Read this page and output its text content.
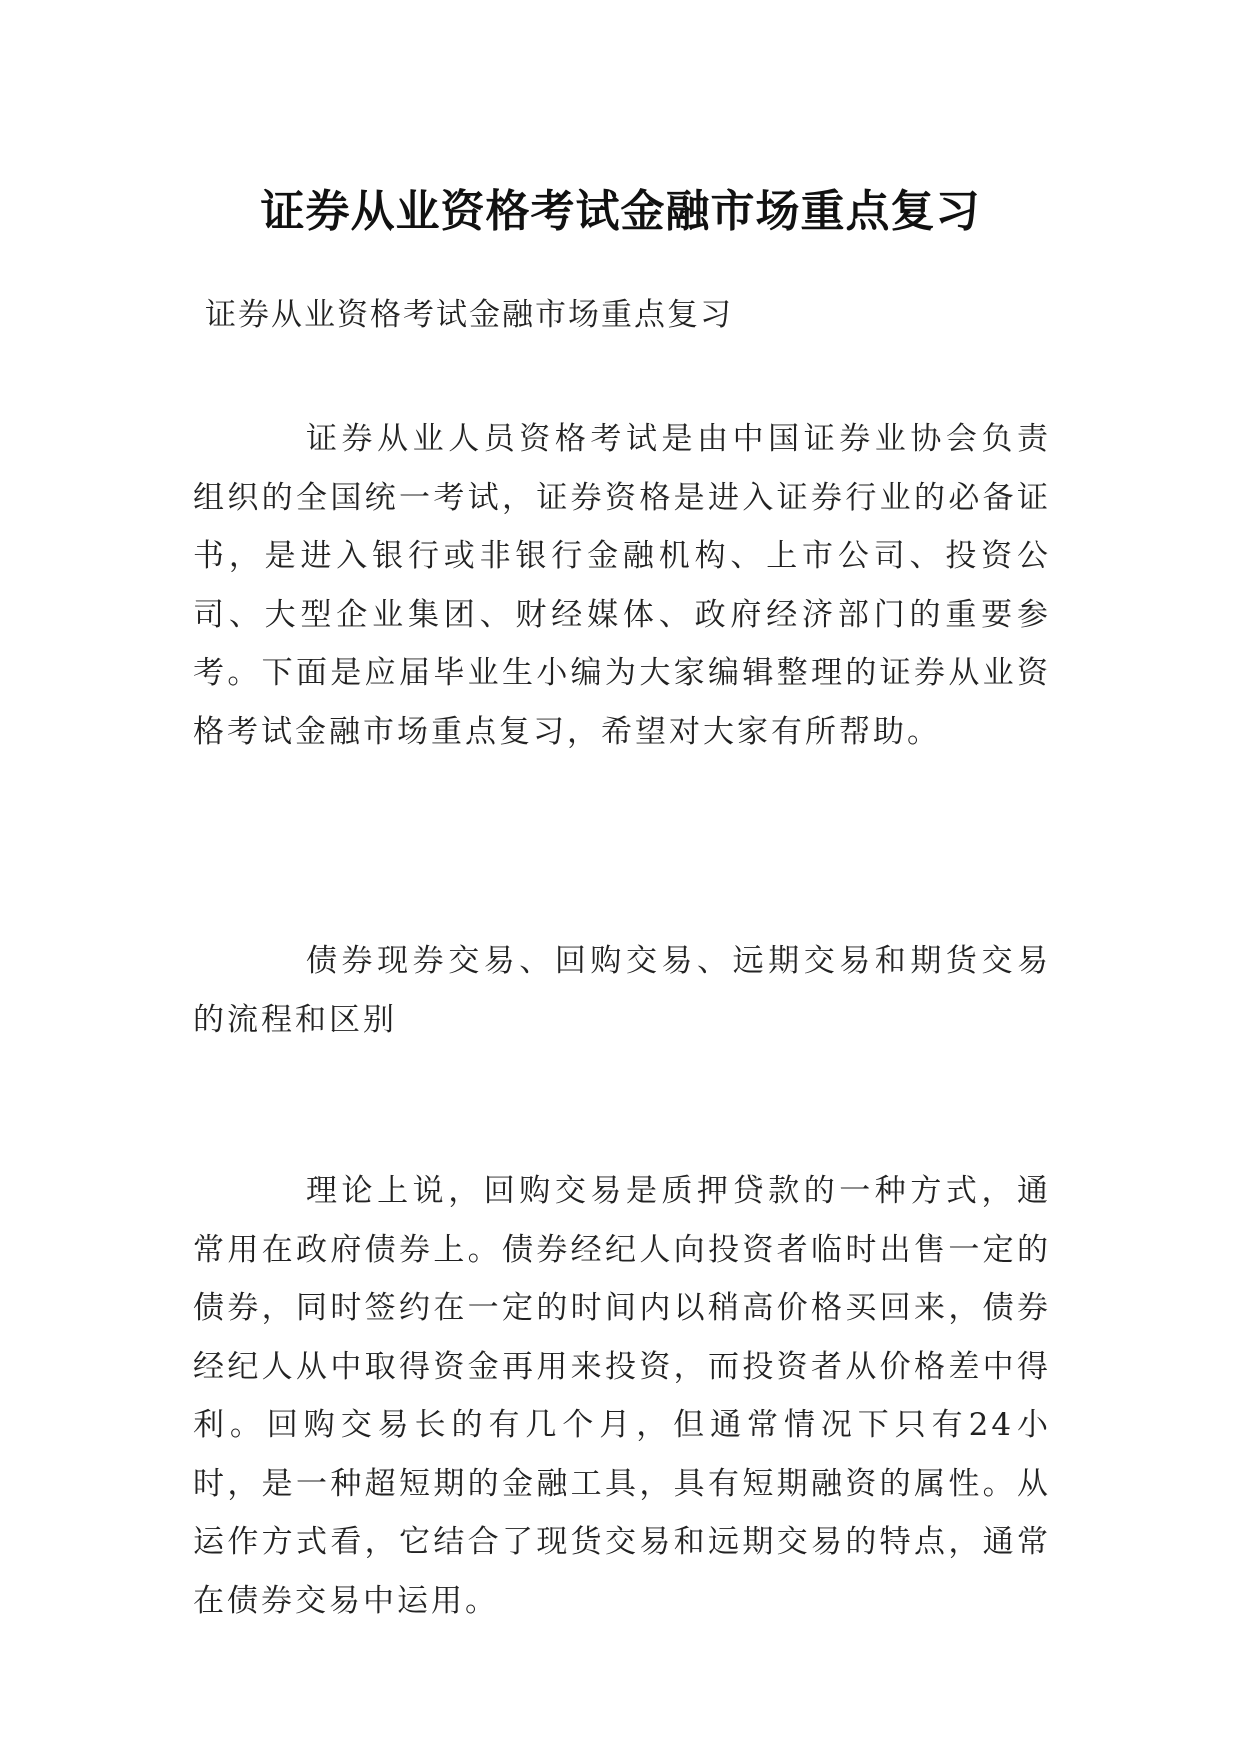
证券从业资格考试金融市场重点复习
证券从业资格考试金融市场重点复习

证券从业人员资格考试是由中国证券业协会负责组织的全国统一考试，证券资格是进入证券行业的必备证书，是进入银行或非银行金融机构、上市公司、投资公司、大型企业集团、财经媒体、政府经济部门的重要参考。下面是应届毕业生小编为大家编辑整理的证券从业资格考试金融市场重点复习，希望对大家有所帮助。

债券现券交易、回购交易、远期交易和期货交易的流程和区别

理论上说，回购交易是质押贷款的一种方式，通常用在政府债券上。债券经纪人向投资者临时出售一定的债券，同时签约在一定的时间内以稍高价格买回来，债券经纪人从中取得资金再用来投资，而投资者从价格差中得利。回购交易长的有几个月，但通常情况下只有24小时，是一种超短期的金融工具，具有短期融资的属性。从运作方式看，它结合了现货交易和远期交易的特点，通常在债券交易中运用。
